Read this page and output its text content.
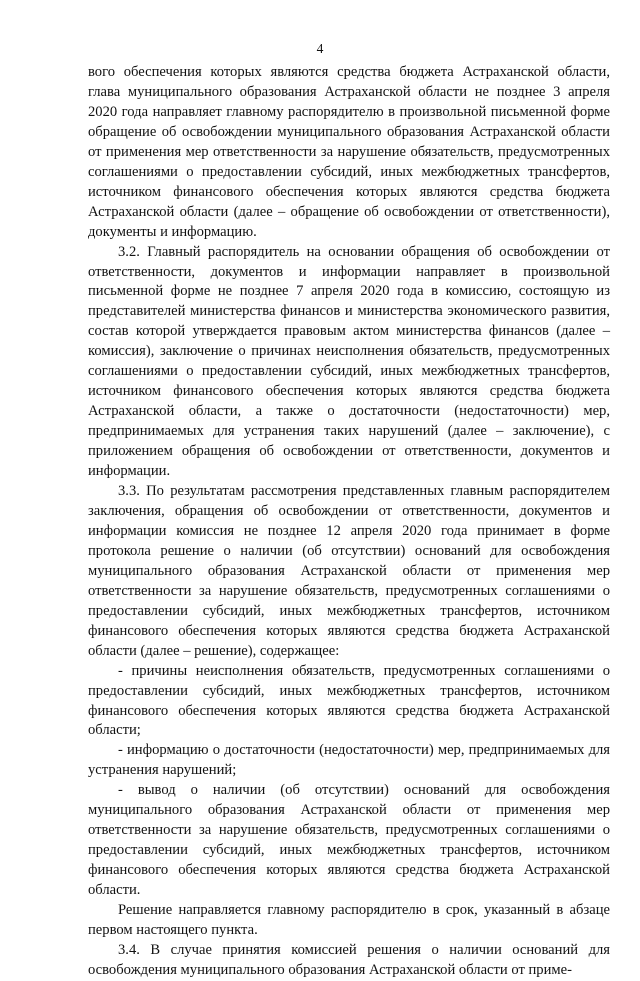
4

вого обеспечения которых являются средства бюджета Астраханской области, глава муниципального образования Астраханской области не позднее 3 апреля 2020 года направляет главному распорядителю в произвольной письменной форме обращение об освобождении муниципального образования Астраханской области от применения мер ответственности за нарушение обязательств, предусмотренных соглашениями о предоставлении субсидий, иных межбюджетных трансфертов, источником финансового обеспечения которых являются средства бюджета Астраханской области (далее – обращение об освобождении от ответственности), документы и информацию.

3.2. Главный распорядитель на основании обращения об освобождении от ответственности, документов и информации направляет в произвольной письменной форме не позднее 7 апреля 2020 года в комиссию, состоящую из представителей министерства финансов и министерства экономического развития, состав которой утверждается правовым актом министерства финансов (далее – комиссия), заключение о причинах неисполнения обязательств, предусмотренных соглашениями о предоставлении субсидий, иных межбюджетных трансфертов, источником финансового обеспечения которых являются средства бюджета Астраханской области, а также о достаточности (недостаточности) мер, предпринимаемых для устранения таких нарушений (далее – заключение), с приложением обращения об освобождении от ответственности, документов и информации.

3.3. По результатам рассмотрения представленных главным распорядителем заключения, обращения об освобождении от ответственности, документов и информации комиссия не позднее 12 апреля 2020 года принимает в форме протокола решение о наличии (об отсутствии) оснований для освобождения муниципального образования Астраханской области от применения мер ответственности за нарушение обязательств, предусмотренных соглашениями о предоставлении субсидий, иных межбюджетных трансфертов, источником финансового обеспечения которых являются средства бюджета Астраханской области (далее – решение), содержащее:

- причины неисполнения обязательств, предусмотренных соглашениями о предоставлении субсидий, иных межбюджетных трансфертов, источником финансового обеспечения которых являются средства бюджета Астраханской области;

- информацию о достаточности (недостаточности) мер, предпринимаемых для устранения нарушений;

- вывод о наличии (об отсутствии) оснований для освобождения муниципального образования Астраханской области от применения мер ответственности за нарушение обязательств, предусмотренных соглашениями о предоставлении субсидий, иных межбюджетных трансфертов, источником финансового обеспечения которых являются средства бюджета Астраханской области.

Решение направляется главному распорядителю в срок, указанный в абзаце первом настоящего пункта.

3.4. В случае принятия комиссией решения о наличии оснований для освобождения муниципального образования Астраханской области от приме-
